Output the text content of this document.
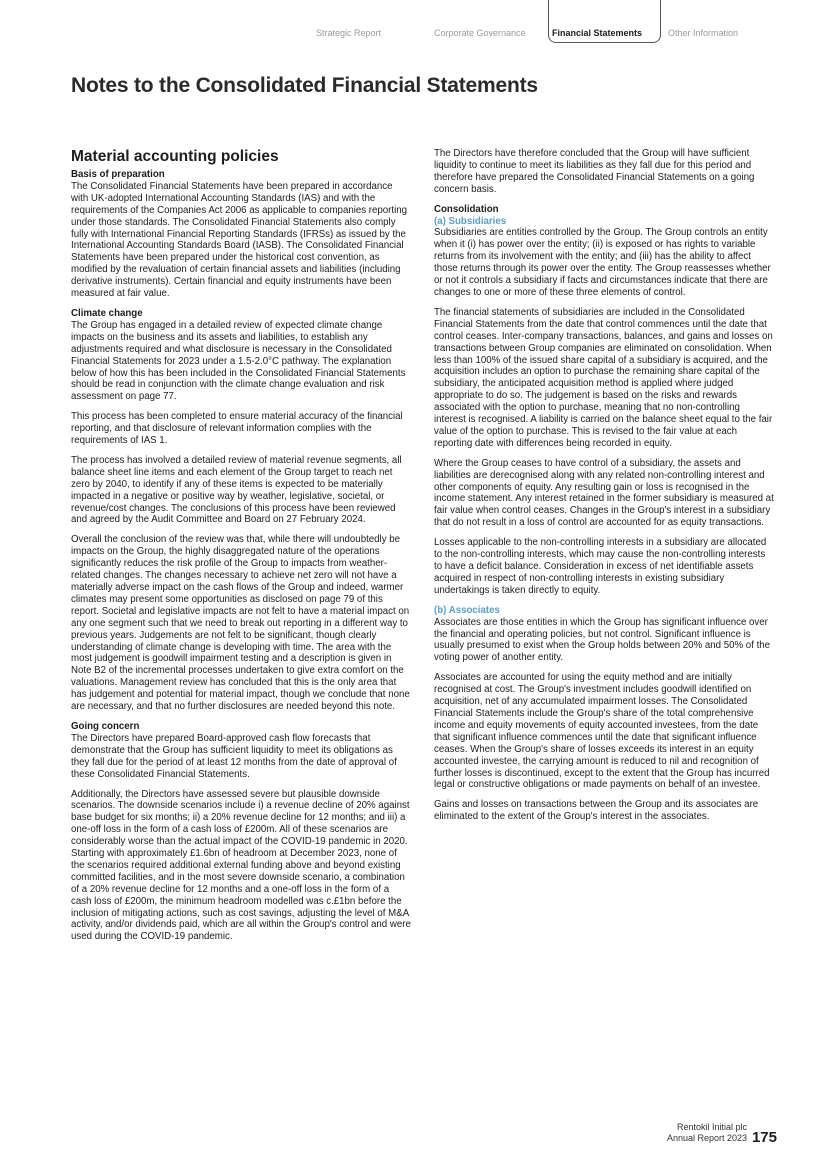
Strategic Report	Corporate Governance	Financial Statements	Other Information
Notes to the Consolidated Financial Statements
Material accounting policies
Basis of preparation

The Consolidated Financial Statements have been prepared in accordance with UK-adopted International Accounting Standards (IAS) and with the requirements of the Companies Act 2006 as applicable to companies reporting under those standards. The Consolidated Financial Statements also comply fully with International Financial Reporting Standards (IFRSs) as issued by the International Accounting Standards Board (IASB). The Consolidated Financial Statements have been prepared under the historical cost convention, as modified by the revaluation of certain financial assets and liabilities (including derivative instruments). Certain financial and equity instruments have been measured at fair value.

Climate change

The Group has engaged in a detailed review of expected climate change impacts on the business and its assets and liabilities, to establish any adjustments required and what disclosure is necessary in the Consolidated Financial Statements for 2023 under a 1.5-2.0°C pathway. The explanation below of how this has been included in the Consolidated Financial Statements should be read in conjunction with the climate change evaluation and risk assessment on page 77.

This process has been completed to ensure material accuracy of the financial reporting, and that disclosure of relevant information complies with the requirements of IAS 1.

The process has involved a detailed review of material revenue segments, all balance sheet line items and each element of the Group target to reach net zero by 2040, to identify if any of these items is expected to be materially impacted in a negative or positive way by weather, legislative, societal, or revenue/cost changes. The conclusions of this process have been reviewed and agreed by the Audit Committee and Board on 27 February 2024.

Overall the conclusion of the review was that, while there will undoubtedly be impacts on the Group, the highly disaggregated nature of the operations significantly reduces the risk profile of the Group to impacts from weather-related changes. The changes necessary to achieve net zero will not have a materially adverse impact on the cash flows of the Group and indeed, warmer climates may present some opportunities as disclosed on page 79 of this report. Societal and legislative impacts are not felt to have a material impact on any one segment such that we need to break out reporting in a different way to previous years. Judgements are not felt to be significant, though clearly understanding of climate change is developing with time. The area with the most judgement is goodwill impairment testing and a description is given in Note B2 of the incremental processes undertaken to give extra comfort on the valuations. Management review has concluded that this is the only area that has judgement and potential for material impact, though we conclude that none are necessary, and that no further disclosures are needed beyond this note.

Going concern

The Directors have prepared Board-approved cash flow forecasts that demonstrate that the Group has sufficient liquidity to meet its obligations as they fall due for the period of at least 12 months from the date of approval of these Consolidated Financial Statements.

Additionally, the Directors have assessed severe but plausible downside scenarios. The downside scenarios include i) a revenue decline of 20% against base budget for six months; ii) a 20% revenue decline for 12 months; and iii) a one-off loss in the form of a cash loss of £200m. All of these scenarios are considerably worse than the actual impact of the COVID-19 pandemic in 2020. Starting with approximately £1.6bn of headroom at December 2023, none of the scenarios required additional external funding above and beyond existing committed facilities, and in the most severe downside scenario, a combination of a 20% revenue decline for 12 months and a one-off loss in the form of a cash loss of £200m, the minimum headroom modelled was c.£1bn before the inclusion of mitigating actions, such as cost savings, adjusting the level of M&A activity, and/or dividends paid, which are all within the Group's control and were used during the COVID-19 pandemic.

The Directors have therefore concluded that the Group will have sufficient liquidity to continue to meet its liabilities as they fall due for this period and therefore have prepared the Consolidated Financial Statements on a going concern basis.

Consolidation
(a) Subsidiaries

Subsidiaries are entities controlled by the Group. The Group controls an entity when it (i) has power over the entity; (ii) is exposed or has rights to variable returns from its involvement with the entity; and (iii) has the ability to affect those returns through its power over the entity. The Group reassesses whether or not it controls a subsidiary if facts and circumstances indicate that there are changes to one or more of these three elements of control.

The financial statements of subsidiaries are included in the Consolidated Financial Statements from the date that control commences until the date that control ceases. Inter-company transactions, balances, and gains and losses on transactions between Group companies are eliminated on consolidation. When less than 100% of the issued share capital of a subsidiary is acquired, and the acquisition includes an option to purchase the remaining share capital of the subsidiary, the anticipated acquisition method is applied where judged appropriate to do so. The judgement is based on the risks and rewards associated with the option to purchase, meaning that no non-controlling interest is recognised. A liability is carried on the balance sheet equal to the fair value of the option to purchase. This is revised to the fair value at each reporting date with differences being recorded in equity.

Where the Group ceases to have control of a subsidiary, the assets and liabilities are derecognised along with any related non-controlling interest and other components of equity. Any resulting gain or loss is recognised in the income statement. Any interest retained in the former subsidiary is measured at fair value when control ceases. Changes in the Group's interest in a subsidiary that do not result in a loss of control are accounted for as equity transactions.

Losses applicable to the non-controlling interests in a subsidiary are allocated to the non-controlling interests, which may cause the non-controlling interests to have a deficit balance. Consideration in excess of net identifiable assets acquired in respect of non-controlling interests in existing subsidiary undertakings is taken directly to equity.

(b) Associates

Associates are those entities in which the Group has significant influence over the financial and operating policies, but not control. Significant influence is usually presumed to exist when the Group holds between 20% and 50% of the voting power of another entity.

Associates are accounted for using the equity method and are initially recognised at cost. The Group's investment includes goodwill identified on acquisition, net of any accumulated impairment losses. The Consolidated Financial Statements include the Group's share of the total comprehensive income and equity movements of equity accounted investees, from the date that significant influence commences until the date that significant influence ceases. When the Group's share of losses exceeds its interest in an equity accounted investee, the carrying amount is reduced to nil and recognition of further losses is discontinued, except to the extent that the Group has incurred legal or constructive obligations or made payments on behalf of an investee.

Gains and losses on transactions between the Group and its associates are eliminated to the extent of the Group's interest in the associates.

Rentokil Initial plc
Annual Report 2023 175
